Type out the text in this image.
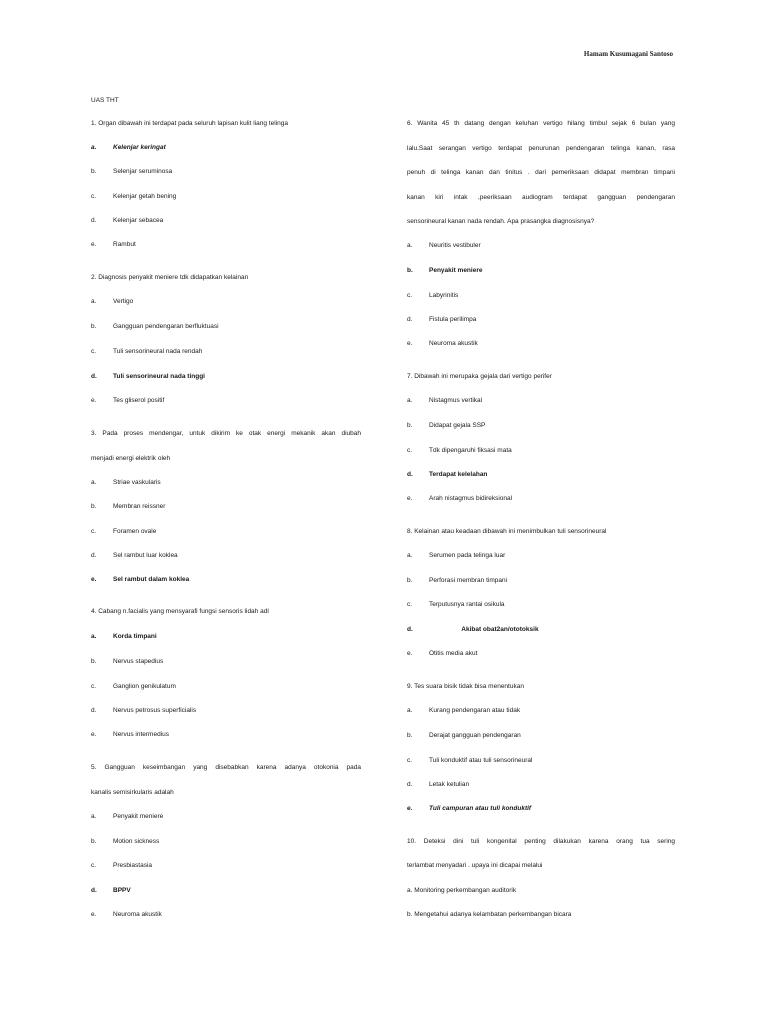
Hamam Kusumagani Santoso
UAS THT
1. Organ dibawah ini terdapat pada seluruh lapisan kulit liang telinga
a.	Kelenjar keringat
b.	Selenjar seruminosa
c.	Kelenjar getah bening
d.	Kelenjar sebacea
e.	Rambut
2. Diagnosis penyakit meniere tdk didapatkan kelainan
a.	Vertigo
b.	Gangguan pendengaran berfluktuasi
c.	Tuli sensorineural nada rendah
d. Tuli sensorineural nada tinggi
e.	Tes gliserol positif
3. Pada proses mendengar, untuk dikirim ke otak energi mekanik akan diubah
menjadi energi elektrik oleh
a.	Striae vaskularis
b.	Membran reissner
c.	Foramen ovale
d.	Sel rambut luar koklea
e.	Sel rambut dalam koklea
4. Cabang n.facialis yang mensyarafi fungsi sensoris lidah adl
a.	Korda timpani
b.	Nervus stapedius
c.	Ganglion genikulatum
d.	Nervus petrosus superficialis
e.	Nervus intermedius
5. Gangguan keseimbangan yang disebabkan karena adanya otokonia pada
kanalis semisirkularis adalah
a.	Penyakit meniere
b.	Motion sickness
c.	Presbiastasia
d. BPPV
e.	Neuroma akustik
6. Wanita 45 th datang dengan keluhan vertigo hilang timbul sejak 6 bulan yang
lalu.Saat serangan vertigo terdapat penurunan pendengaran telinga kanan, rasa
penuh di telinga kanan dan tinitus . dari pemeriksaan didapat membran timpani
kanan kiri intak ,peeriksaan audiogram terdapat gangguan pendengaran
sensorineural kanan nada rendah. Apa prasangka diagnosisnya?
a.	Neuritis vestibuler
b. Penyakit meniere
c.	Labyrinitis
d.	Fistula perilimpa
e.	Neuroma akustik
7. Dibawah ini merupaka gejala dari vertigo perifer
a.	Nistagmus vertikal
b.	Didapat gejala SSP
c.	Tdk dipengaruhi fiksasi mata
d. Terdapat kelelahan
e.	Arah nistagmus bidireksional
8. Kelainan atau keadaan dibawah ini menimbulkan tuli sensorineural
a.	Serumen pada telinga luar
b.	Perforasi membran timpani
c.	Terputusnya rantai osikula
d.                  Akibat obat2an/ototoksik
e.	Otitis media akut
9. Tes suara bisik tidak bisa menentukan
a.	Kurang pendengaran atau tidak
b.	Derajat gangguan pendengaran
c.	Tuli konduktif atau tuli sensorineural
d.	Letak ketulian
e.	Tuli campuran atau tuli konduktif
10. Deteksi dini tuli kongenital penting dilakukan karena orang tua sering
terlambat menyadari . upaya ini dicapai melalui
a. Monitoring perkembangan auditorik
b. Mengetahui adanya kelambatan perkembangan bicara
